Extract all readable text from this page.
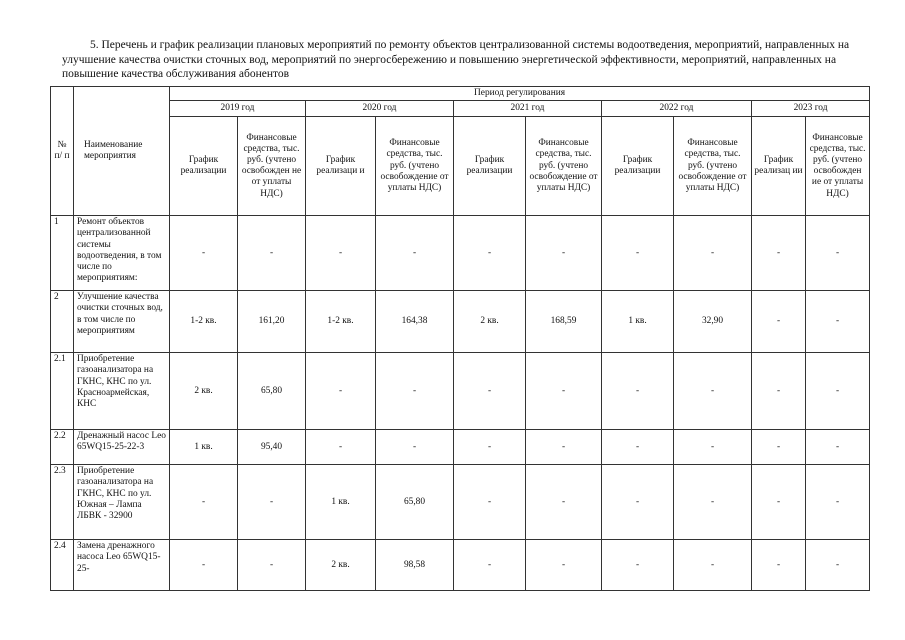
5. Перечень и график реализации плановых мероприятий по ремонту объектов централизованной системы водоотведения, мероприятий, направленных на улучшение качества очистки сточных вод, мероприятий по энергосбережению и повышению энергетической эффективности, мероприятий, направленных на повышение качества обслуживания абонентов
№ п/ п	Наименование мероприятия	Период регулирования									
		2019 год		2020 год		2021 год		2022 год		2023 год	
		График реализации	Финансовые средства, тыс. руб. (учтено освобожден не от уплаты НДС)	График реализаци и	Финансовые средства, тыс. руб. (учтено освобождение от уплаты НДС)	График реализации	Финансовые средства, тыс. руб. (учтено освобождение от уплаты НДС)	График реализации	Финансовые средства, тыс. руб. (учтено освобождение от уплаты НДС)	График реализац ии	Финансовые средства, тыс. руб. (учтено освобожден ие от уплаты НДС)
1	Ремонт объектов централизованной системы водоотведения, в том числе по мероприятиям:	-	-	-	-	-	-	-	-	-	-
2	Улучшение качества очистки сточных вод, в том числе по мероприятиям	1-2 кв.	161,20	1-2 кв.	164,38	2 кв.	168,59	1 кв.	32,90	-	-
2.1	Приобретение газоанализатора на ГКНС, КНС по ул. Красноармейская, КНС	2 кв.	65,80	-	-	-	-	-	-	-	-
2.2	Дренажный насос Leo 65WQ15-25-22-3	1 кв.	95,40	-	-	-	-	-	-	-	-
2.3	Приобретение газоанализатора на ГКНС, КНС по ул. Южная – Лампа ЛБВК - 32900	-	-	1 кв.	65,80	-	-	-	-	-	-
2.4	Замена дренажного насоса Leo 65WQ15-25-	-	-	2 кв.	98,58	-	-	-	-	-	-
